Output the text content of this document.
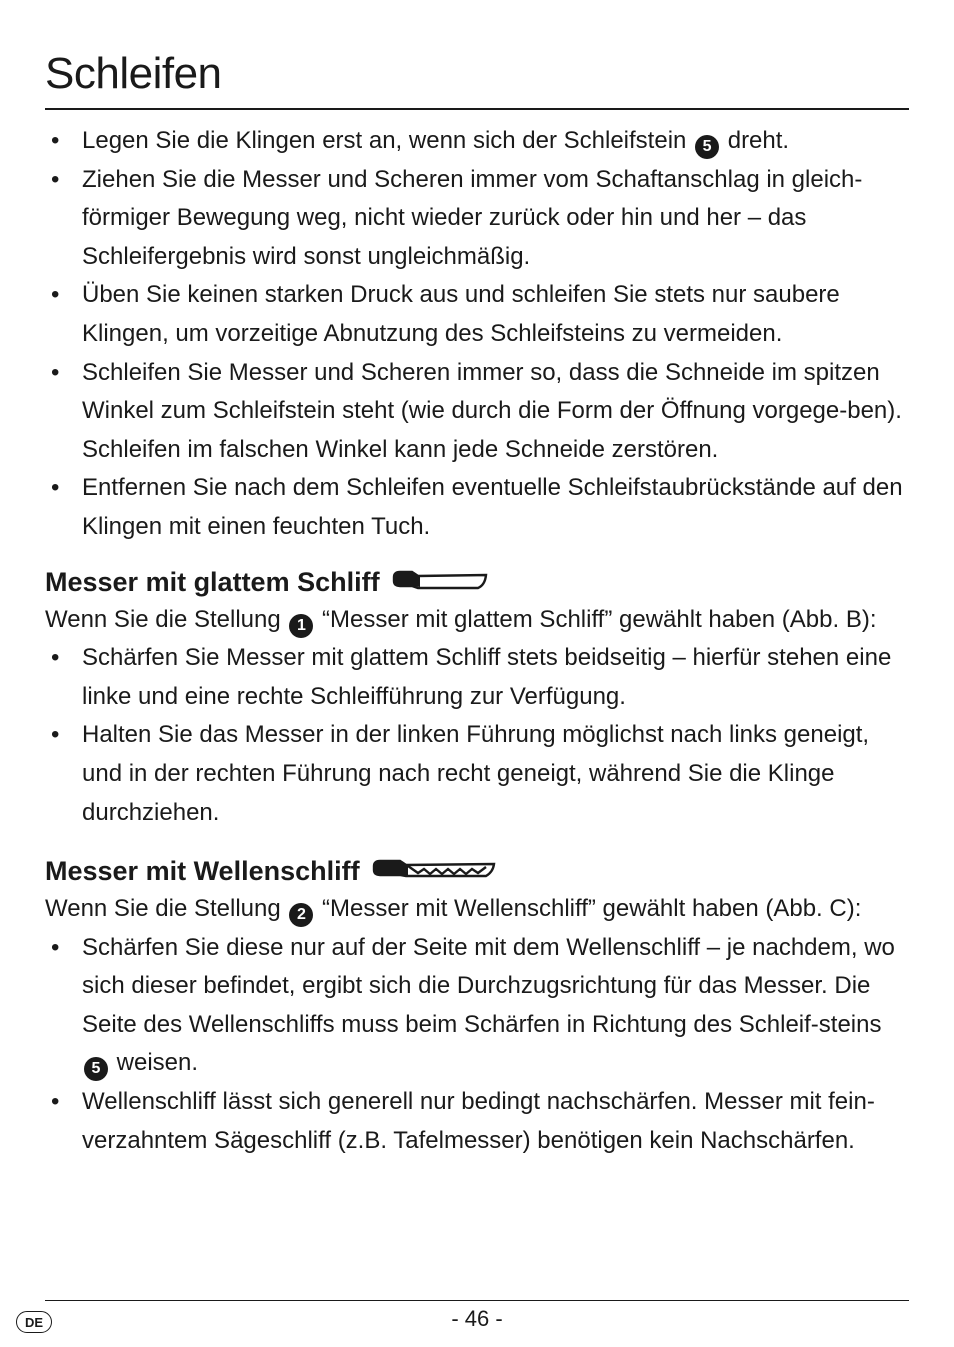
Schleifen
• Legen Sie die Klingen erst an, wenn sich der Schleifstein 5 dreht.
• Ziehen Sie die Messer und Scheren immer vom Schaftanschlag in gleich-förmiger Bewegung weg, nicht wieder zurück oder hin und her – das Schleifergebnis wird sonst ungleichmäßig.
• Üben Sie keinen starken Druck aus und schleifen Sie stets nur saubere Klingen, um vorzeitige Abnutzung des Schleifsteins zu vermeiden.
• Schleifen Sie Messer und Scheren immer so, dass die Schneide im spitzen Winkel zum Schleifstein steht (wie durch die Form der Öffnung vorgege-ben). Schleifen im falschen Winkel kann jede Schneide zerstören.
• Entfernen Sie nach dem Schleifen eventuelle Schleifstaubrückstände auf den Klingen mit einen feuchten Tuch.
Messer mit glattem Schliff

Wenn Sie die Stellung 1 “Messer mit glattem Schliff” gewählt haben (Abb. B):

• Schärfen Sie Messer mit glattem Schliff stets beidseitig – hierfür stehen eine linke und eine rechte Schleifführung zur Verfügung.
• Halten Sie das Messer in der linken Führung möglichst nach links geneigt, und in der rechten Führung nach recht geneigt, während Sie die Klinge durchziehen.
Messer mit Wellenschliff

Wenn Sie die Stellung 2 “Messer mit Wellenschliff” gewählt haben (Abb. C):

• Schärfen Sie diese nur auf der Seite mit dem Wellenschliff – je nachdem, wo sich dieser befindet, ergibt sich die Durchzugsrichtung für das Messer. Die Seite des Wellenschliffs muss beim Schärfen in Richtung des Schleif-steins 5 weisen.
• Wellenschliff lässt sich generell nur bedingt nachschärfen. Messer mit fein-verzahntem Sägeschliff (z.B. Tafelmesser) benötigen kein Nachschärfen.
DE	- 46 -
